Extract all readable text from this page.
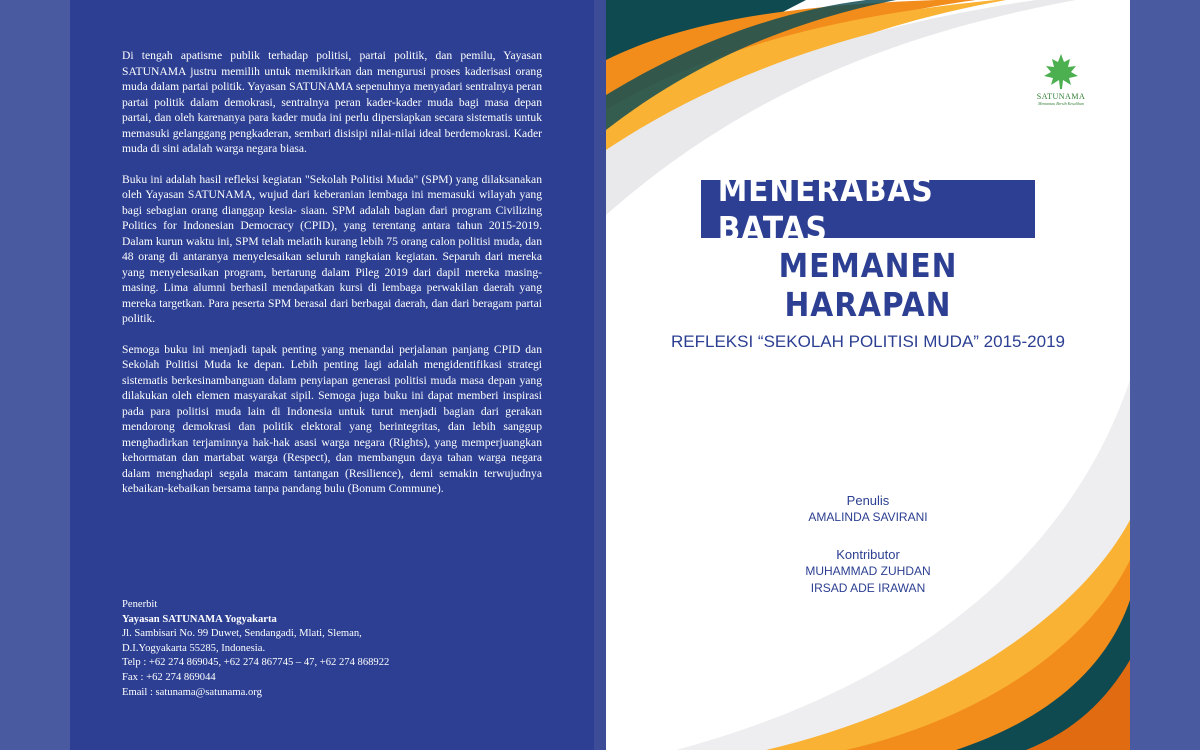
Di tengah apatisme publik terhadap politisi, partai politik, dan pemilu, Yayasan SATUNAMA justru memilih untuk memikirkan dan mengurusi proses kaderisasi orang muda dalam partai politik. Yayasan SATUNAMA sepenuhnya menyadari sentralnya peran partai politik dalam demokrasi, sentralnya peran kader-kader muda bagi masa depan partai, dan oleh karenanya para kader muda ini perlu dipersiapkan secara sistematis untuk memasuki gelanggang pengkaderan, sembari disisipi nilai-nilai ideal berdemokrasi. Kader muda di sini adalah warga negara biasa.

Buku ini adalah hasil refleksi kegiatan "Sekolah Politisi Muda" (SPM) yang dilaksanakan oleh Yayasan SATUNAMA, wujud dari keberanian lembaga ini memasuki wilayah yang bagi sebagian orang dianggap kesia- siaan. SPM adalah bagian dari program Civilizing Politics for Indonesian Democracy (CPID), yang terentang antara tahun 2015-2019. Dalam kurun waktu ini, SPM telah melatih kurang lebih 75 orang calon politisi muda, dan 48 orang di antaranya menyelesaikan seluruh rangkaian kegiatan. Separuh dari mereka yang menyelesaikan program, bertarung dalam Pileg 2019 dari dapil mereka masing-masing. Lima alumni berhasil mendapatkan kursi di lembaga perwakilan daerah yang mereka targetkan. Para peserta SPM berasal dari berbagai daerah, dan dari beragam partai politik.

Semoga buku ini menjadi tapak penting yang menandai perjalanan panjang CPID dan Sekolah Politisi Muda ke depan. Lebih penting lagi adalah mengidentifikasi strategi sistematis berkesinambanguan dalam penyiapan generasi politisi muda masa depan yang dilakukan oleh elemen masyarakat sipil. Semoga juga buku ini dapat memberi inspirasi pada para politisi muda lain di Indonesia untuk turut menjadi bagian dari gerakan mendorong demokrasi dan politik elektoral yang berintegritas, dan lebih sanggup menghadirkan terjaminnya hak-hak asasi warga negara (Rights), yang memperjuangkan kehormatan dan martabat warga (Respect), dan membangun daya tahan warga negara dalam menghadapi segala macam tantangan (Resilience), demi semakin terwujudnya kebaikan-kebaikan bersama tanpa pandang bulu (Bonum Commune).

Penerbit
Yayasan SATUNAMA Yogyakarta
Jl. Sambisari No. 99 Duwet, Sendangadi, Mlati, Sleman,
D.I.Yogyakarta 55285, Indonesia.
Telp : +62 274 869045, +62 274 867745 – 47, +62 274 868922
Fax : +62 274 869044
Email : satunama@satunama.org
SATUNAMA
Memantau Bersih Kesalihan
MENERABAS BATAS
MEMANEN HARAPAN
REFLEKSI “SEKOLAH POLITISI MUDA” 2015-2019
Penulis
AMALINDA SAVIRANI
Kontributor
MUHAMMAD ZUHDAN
IRSAD ADE IRAWAN
